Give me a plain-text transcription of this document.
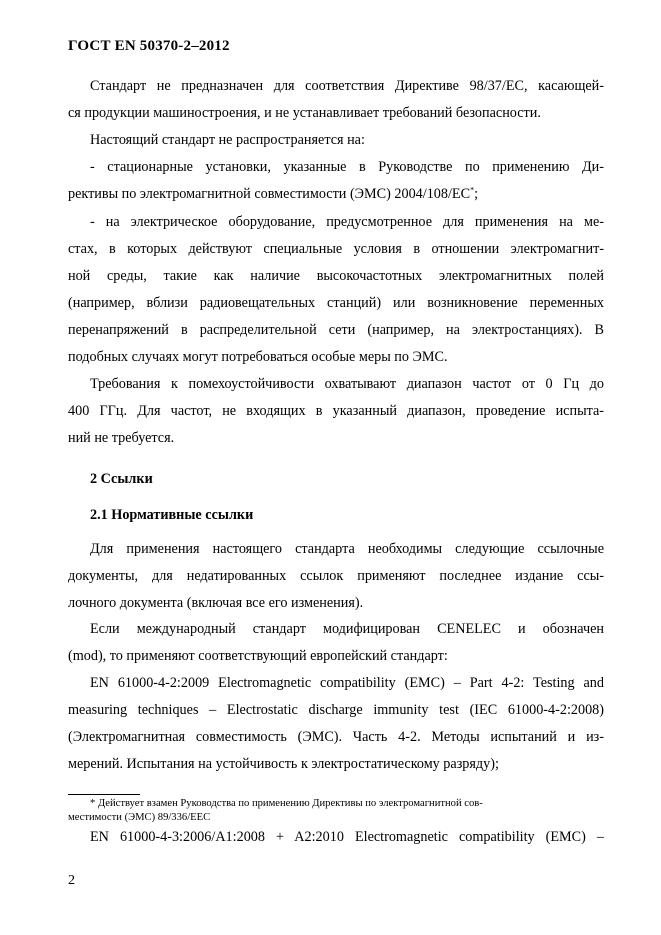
ГОСТ EN 50370-2–2012
Стандарт не предназначен для соответствия Директиве 98/37/ЕС, касающей-
ся продукции машиностроения, и не устанавливает требований безопасности.
Настоящий стандарт не распространяется на:
- стационарные установки, указанные в Руководстве по применению Ди-
рективы по электромагнитной совместимости (ЭМС) 2004/108/ЕС*;
- на электрическое оборудование, предусмотренное для применения на ме-
стах, в которых действуют специальные условия в отношении электромагнит-
ной среды, такие как наличие высокочастотных электромагнитных полей
(например, вблизи радиовещательных станций) или возникновение переменных
перенапряжений в распределительной сети (например, на электростанциях). В
подобных случаях могут потребоваться особые меры по ЭМС.
Требования к помехоустойчивости охватывают диапазон частот от 0 Гц до
400 ГГц. Для частот, не входящих в указанный диапазон, проведение испыта-
ний не требуется.
2 Ссылки
2.1 Нормативные ссылки
Для применения настоящего стандарта необходимы следующие ссылочные
документы, для недатированных ссылок применяют последнее издание ссы-
лочного документа (включая все его изменения).
Если международный стандарт модифицирован CENELEC и обозначен
(mod), то применяют соответствующий европейский стандарт:
EN 61000-4-2:2009 Electromagnetic compatibility (EMC) – Part 4-2: Testing and
measuring techniques – Electrostatic discharge immunity test (IEC 61000-4-2:2008)
(Электромагнитная совместимость (ЭМС). Часть 4-2. Методы испытаний и из-
мерений. Испытания на устойчивость к электростатическому разряду);
* Действует взамен Руководства по применению Директивы по электромагнитной сов-
местимости (ЭМС) 89/336/EEC
EN 61000-4-3:2006/A1:2008 + A2:2010 Electromagnetic compatibility (EMC) –
2
